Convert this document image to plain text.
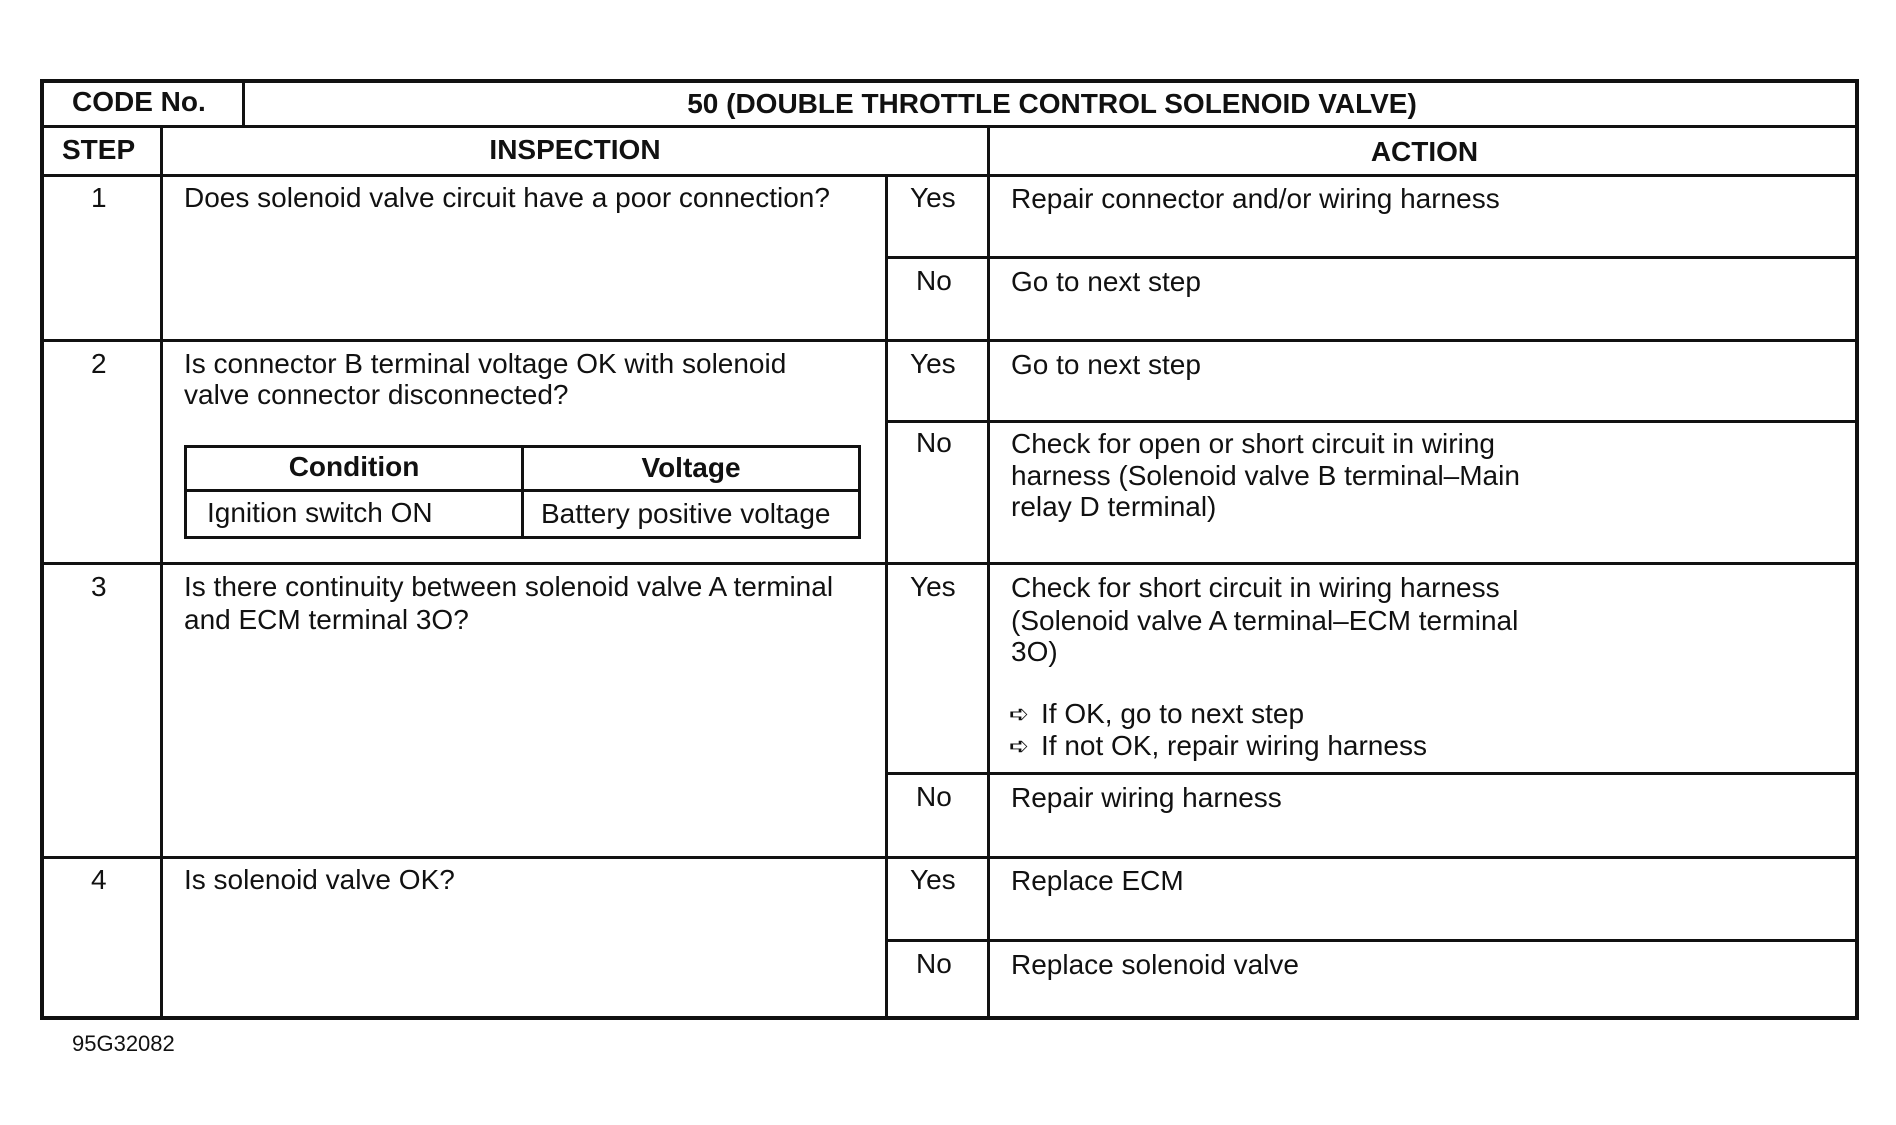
CODE No.	50 (DOUBLE THROTTLE CONTROL SOLENOID VALVE)
STEP	INSPECTION	ACTION
1	Does solenoid valve circuit have a poor connection?	Yes Repair connector and/or wiring harness
No Go to next step
2	Is connector B terminal voltage OK with solenoid
valve connector disconnected?
Condition	Voltage
Ignition switch ON	Battery positive voltage
Yes Go to next step
No Check for open or short circuit in wiring
harness (Solenoid valve B terminal–Main
relay D terminal)
3	Is there continuity between solenoid valve A terminal
and ECM terminal 3O?
Yes Check for short circuit in wiring harness
(Solenoid valve A terminal–ECM terminal
3O)
➪ If OK, go to next step
➪ If not OK, repair wiring harness
No Repair wiring harness
4	Is solenoid valve OK?	Yes Replace ECM
No Replace solenoid valve
95G32082
